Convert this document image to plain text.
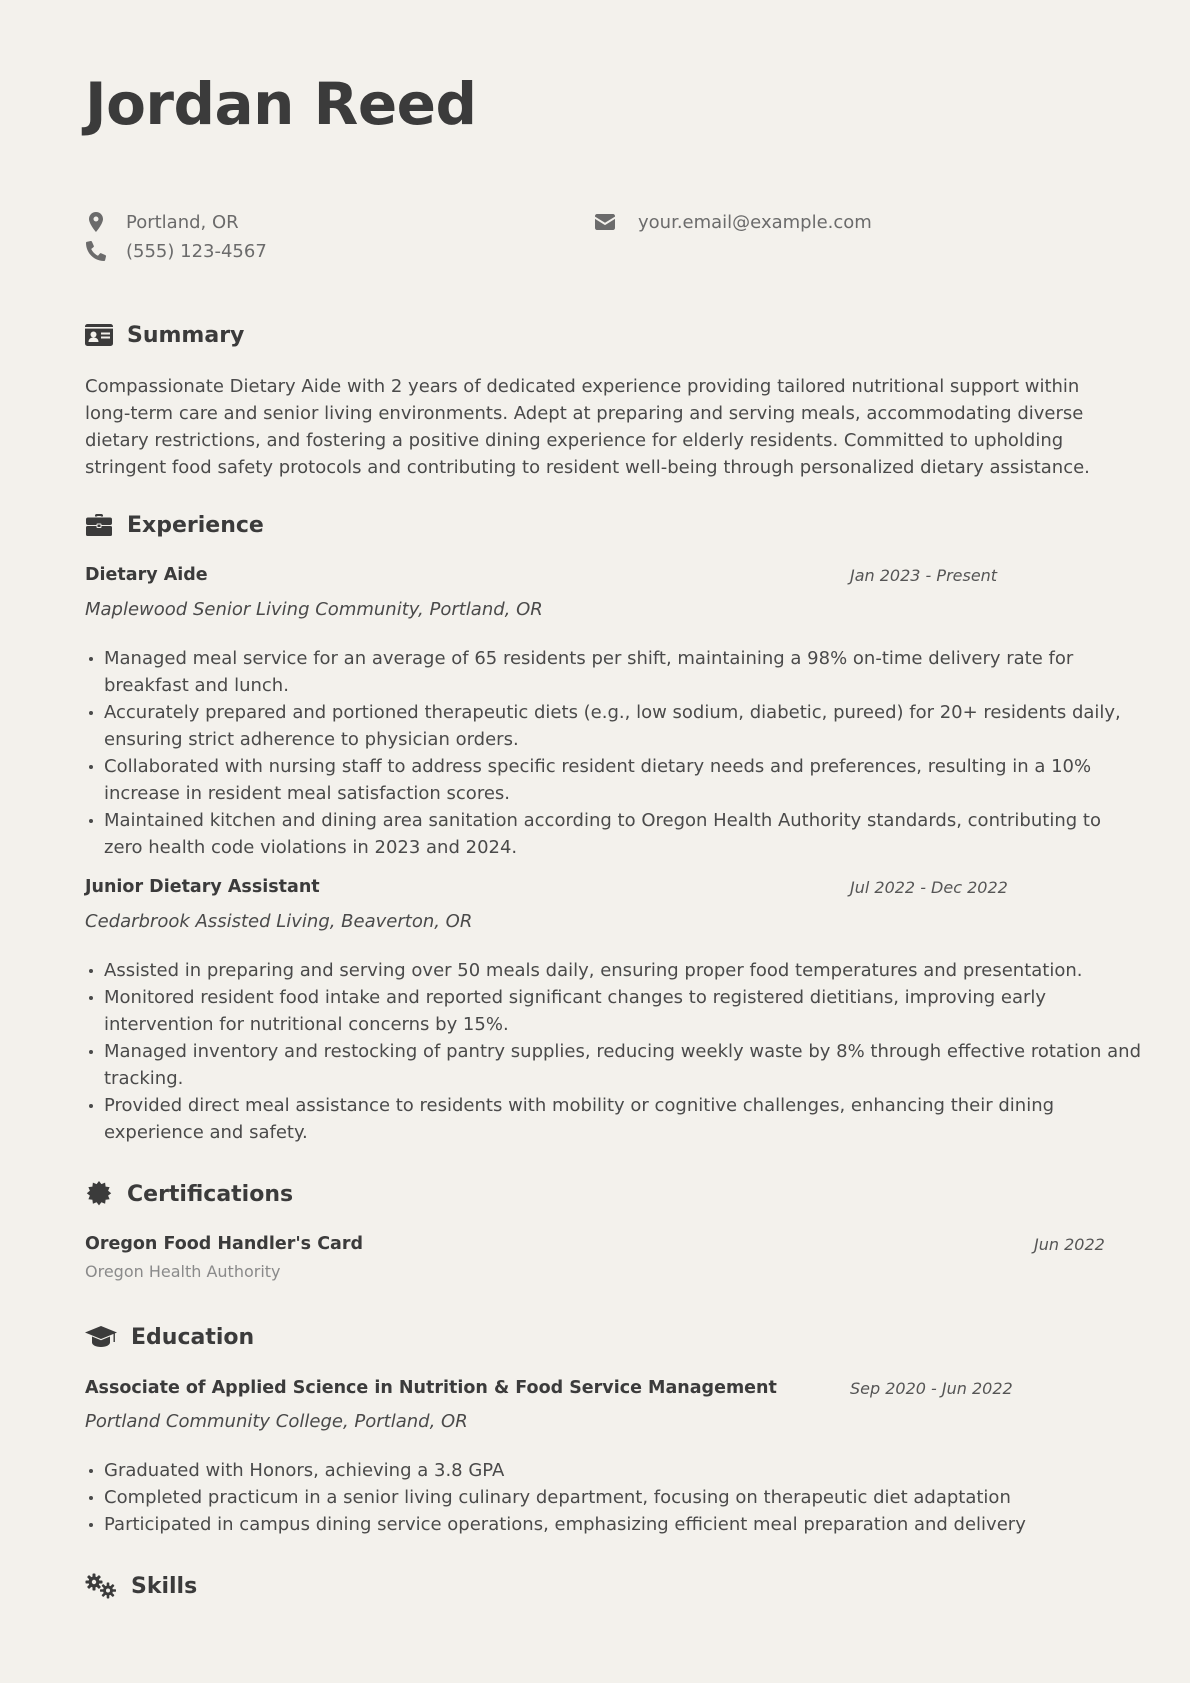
Jordan Reed
Portland, OR
(555) 123-4567
your.email@example.com
Summary

Compassionate Dietary Aide with 2 years of dedicated experience providing tailored nutritional support within long-term care and senior living environments. Adept at preparing and serving meals, accommodating diverse dietary restrictions, and fostering a positive dining experience for elderly residents. Committed to upholding stringent food safety protocols and contributing to resident well-being through personalized dietary assistance.

Experience

Dietary Aide	Jan 2023 - Present

Maplewood Senior Living Community, Portland, OR

Managed meal service for an average of 65 residents per shift, maintaining a 98% on-time delivery rate for breakfast and lunch.
Accurately prepared and portioned therapeutic diets (e.g., low sodium, diabetic, pureed) for 20+ residents daily, ensuring strict adherence to physician orders.
Collaborated with nursing staff to address specific resident dietary needs and preferences, resulting in a 10% increase in resident meal satisfaction scores.
Maintained kitchen and dining area sanitation according to Oregon Health Authority standards, contributing to zero health code violations in 2023 and 2024.

Junior Dietary Assistant	Jul 2022 - Dec 2022

Cedarbrook Assisted Living, Beaverton, OR

Assisted in preparing and serving over 50 meals daily, ensuring proper food temperatures and presentation.
Monitored resident food intake and reported significant changes to registered dietitians, improving early intervention for nutritional concerns by 15%.
Managed inventory and restocking of pantry supplies, reducing weekly waste by 8% through effective rotation and tracking.
Provided direct meal assistance to residents with mobility or cognitive challenges, enhancing their dining experience and safety.
Certifications

Oregon Food Handler's Card	Jun 2022

Oregon Health Authority

Education

Associate of Applied Science in Nutrition & Food Service Management	Sep 2020 - Jun 2022

Portland Community College, Portland, OR

Graduated with Honors, achieving a 3.8 GPA
Completed practicum in a senior living culinary department, focusing on therapeutic diet adaptation
Participated in campus dining service operations, emphasizing efficient meal preparation and delivery
Skills
